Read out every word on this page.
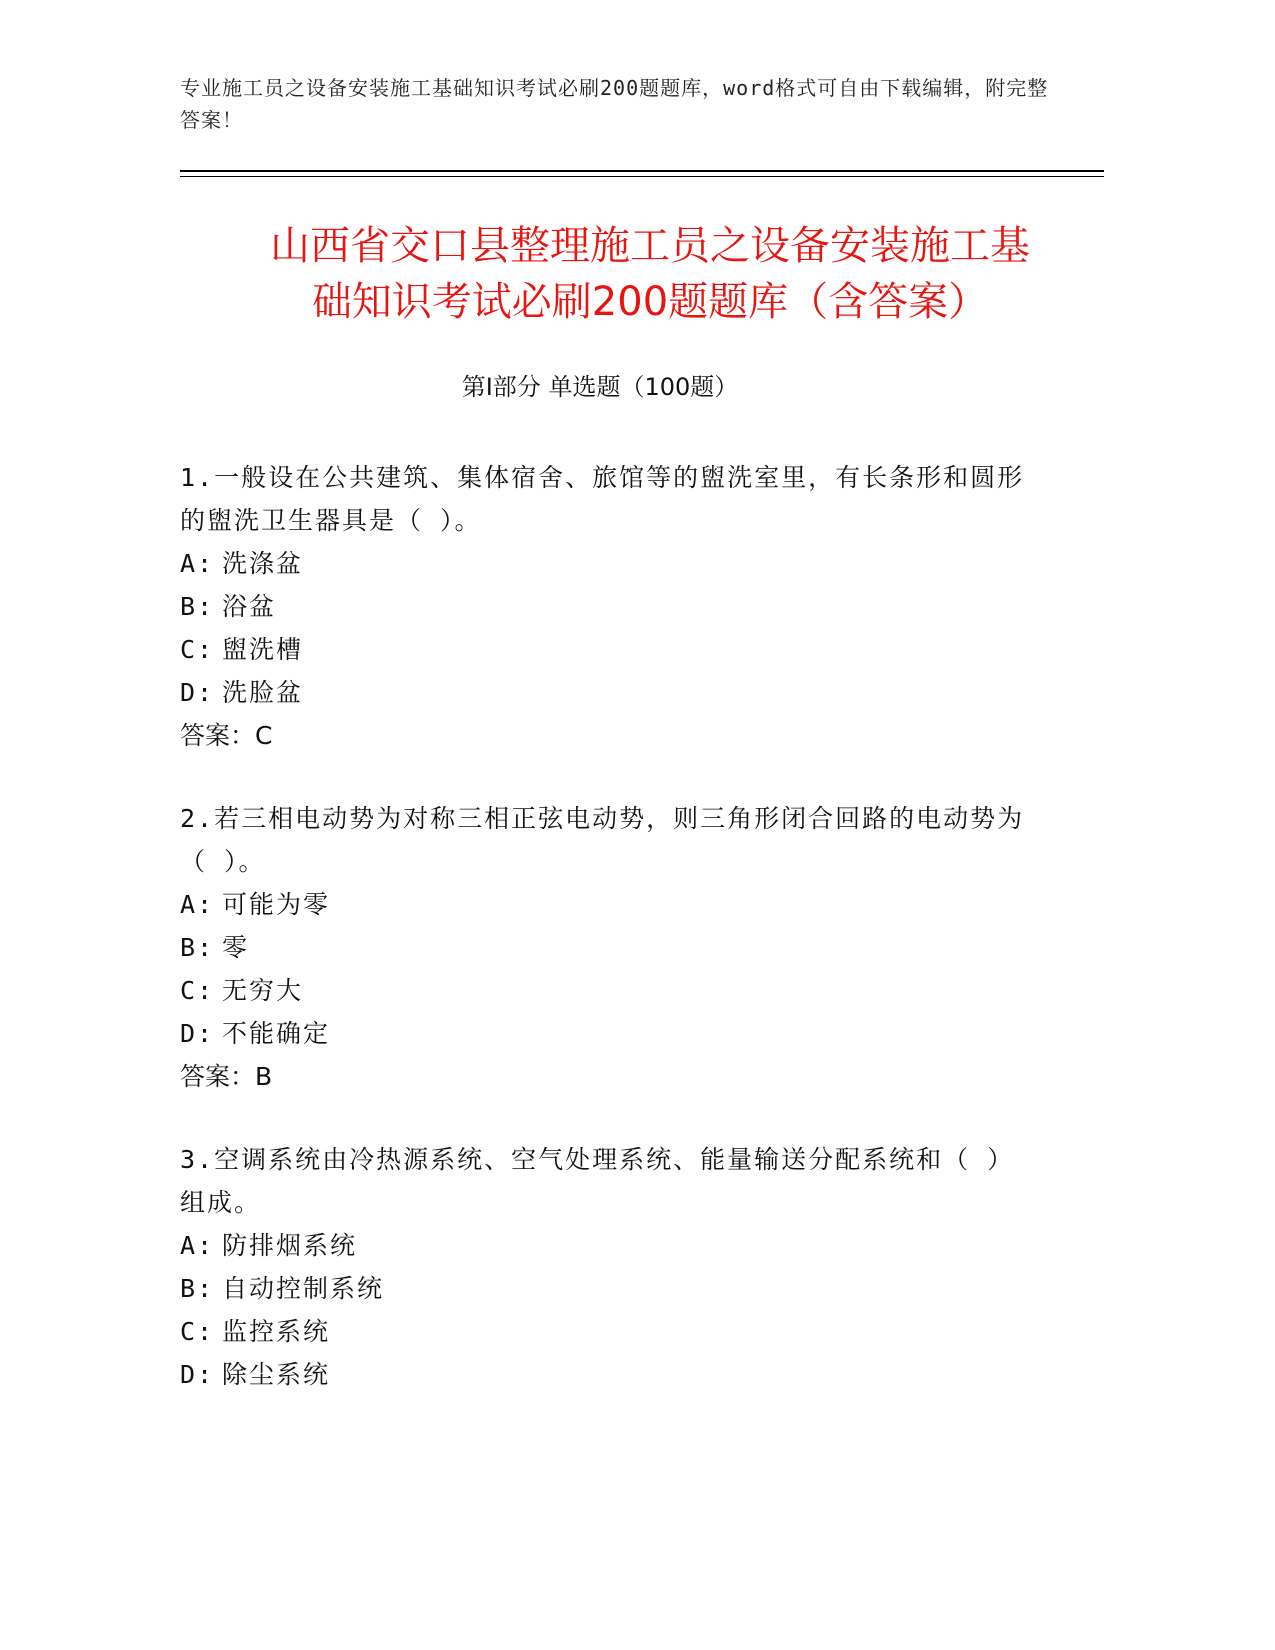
专业施工员之设备安装施工基础知识考试必刷200题题库，word格式可自由下载编辑，附完整答案！
山西省交口县整理施工员之设备安装施工基
础知识考试必刷200题题库（含答案）
第Ⅰ部分 单选题（100题）
1.一般设在公共建筑、集体宿舍、旅馆等的盥洗室里，有长条形和圆形的盥洗卫生器具是（ ）。
A: 洗涤盆
B: 浴盆
C: 盥洗槽
D: 洗脸盆
答案：C
2.若三相电动势为对称三相正弦电动势，则三角形闭合回路的电动势为（ ）。
A: 可能为零
B: 零
C: 无穷大
D: 不能确定
答案：B
3.空调系统由冷热源系统、空气处理系统、能量输送分配系统和（ ）组成。
A: 防排烟系统
B: 自动控制系统
C: 监控系统
D: 除尘系统
